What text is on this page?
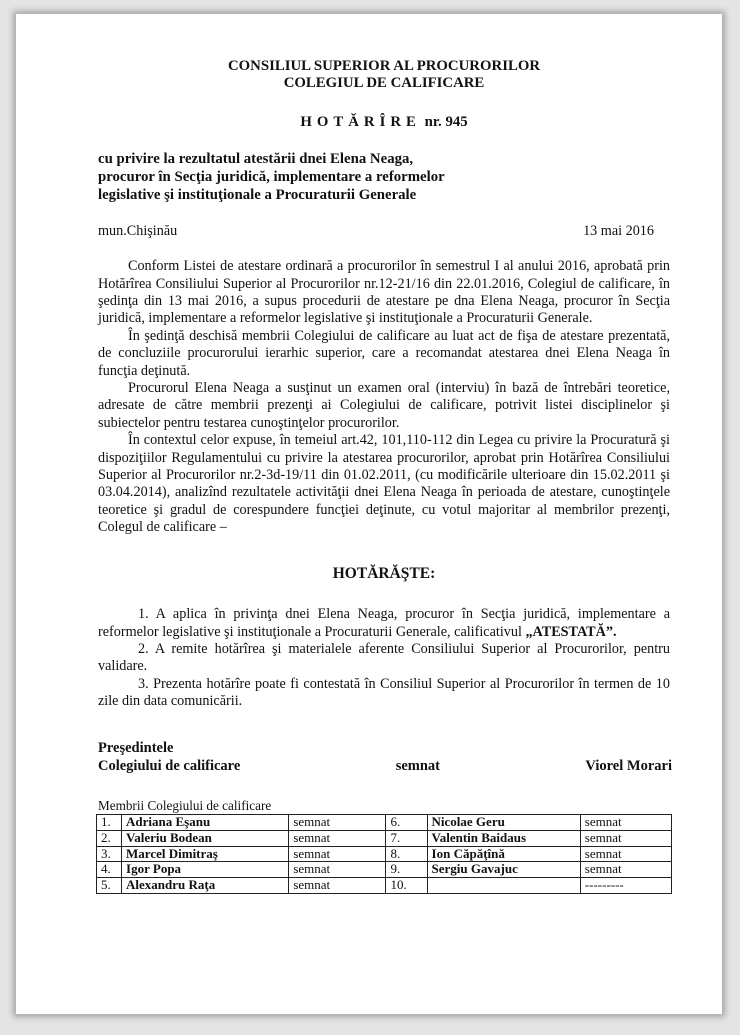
CONSILIUL SUPERIOR AL PROCURORILOR
COLEGIUL DE CALIFICARE
HOTĂRÎRE nr. 945
cu privire la rezultatul atestării dnei Elena Neaga,
procuror în Secţia juridică, implementare a reformelor
legislative şi instituţionale a Procuraturii Generale
mun.Chişinău	13 mai 2016

Conform Listei de atestare ordinară a procurorilor în semestrul I al anului 2016, aprobată prin Hotărîrea Consiliului Superior al Procurorilor nr.12-21/16 din 22.01.2016, Colegiul de calificare, în şedinţa din 13 mai 2016, a supus procedurii de atestare pe dna Elena Neaga, procuror în Secţia juridică, implementare a reformelor legislative şi instituţionale a Procuraturii Generale.

În şedinţă deschisă membrii Colegiului de calificare au luat act de fişa de atestare prezentată, de concluziile procurorului ierarhic superior, care a recomandat atestarea dnei Elena Neaga în funcţia deţinută.

Procurorul Elena Neaga a susţinut un examen oral (interviu) în bază de întrebări teoretice, adresate de către membrii prezenţi ai Colegiului de calificare, potrivit listei disciplinelor şi subiectelor pentru testarea cunoştinţelor procurorilor.

În contextul celor expuse, în temeiul art.42, 101,110-112 din Legea cu privire la Procuratură şi dispoziţiilor Regulamentului cu privire la atestarea procurorilor, aprobat prin Hotărîrea Consiliului Superior al Procurorilor nr.2-3d-19/11 din 01.02.2011, (cu modificările ulterioare din 15.02.2011 şi 03.04.2014), analizînd rezultatele activităţii dnei Elena Neaga în perioada de atestare, cunoştinţele teoretice şi gradul de corespundere funcţiei deţinute, cu votul majoritar al membrilor prezenţi, Colegul de calificare –

HOTĂRĂŞTE:

1. A aplica în privinţa dnei Elena Neaga, procuror în Secţia juridică, implementare a reformelor legislative şi instituţionale a Procuraturii Generale, calificativul „ATESTATĂ”.

2. A remite hotărîrea şi materialele aferente Consiliului Superior al Procurorilor, pentru validare.

3. Prezenta hotărîre poate fi contestată în Consiliul Superior al Procurorilor în termen de 10 zile din data comunicării.

Preşedintele
Colegiului de calificare	semnat	Viorel Morari
Membrii Colegiului de calificare
1.	Adriana Eşanu	semnat	6.	Nicolae Geru	semnat
2.	Valeriu Bodean	semnat	7.	Valentin Baidaus	semnat
3.	Marcel Dimitraş	semnat	8.	Ion Căpăţînă	semnat
4.	Igor Popa	semnat	9.	Sergiu Gavajuc	semnat
5.	Alexandru Raţa	semnat	10.		---------
